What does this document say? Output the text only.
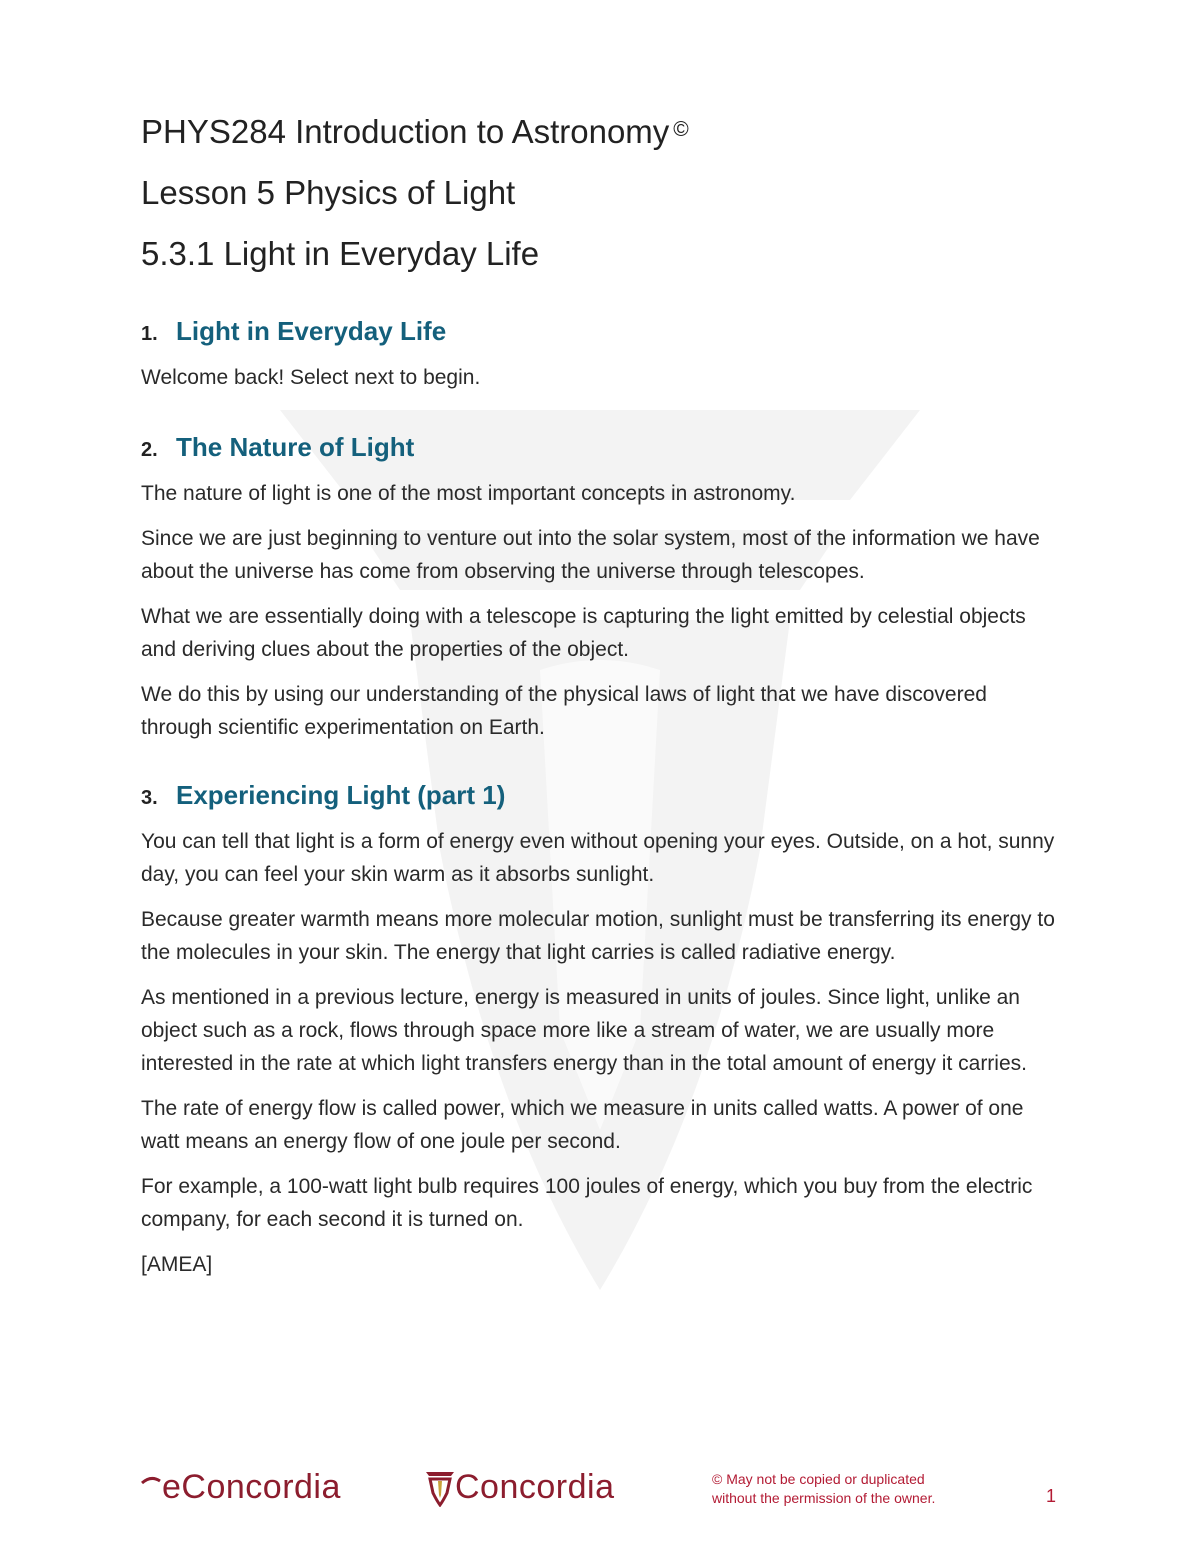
PHYS284 Introduction to Astronomy ©
Lesson 5 Physics of Light
5.3.1 Light in Everyday Life
1. Light in Everyday Life

Welcome back! Select next to begin.

2. The Nature of Light

The nature of light is one of the most important concepts in astronomy.

Since we are just beginning to venture out into the solar system, most of the information we have about the universe has come from observing the universe through telescopes.

What we are essentially doing with a telescope is capturing the light emitted by celestial objects and deriving clues about the properties of the object.

We do this by using our understanding of the physical laws of light that we have discovered through scientific experimentation on Earth.

3. Experiencing Light (part 1)

You can tell that light is a form of energy even without opening your eyes. Outside, on a hot, sunny day, you can feel your skin warm as it absorbs sunlight.

Because greater warmth means more molecular motion, sunlight must be transferring its energy to the molecules in your skin. The energy that light carries is called radiative energy.

As mentioned in a previous lecture, energy is measured in units of joules. Since light, unlike an object such as a rock, flows through space more like a stream of water, we are usually more interested in the rate at which light transfers energy than in the total amount of energy it carries.

The rate of energy flow is called power, which we measure in units called watts. A power of one watt means an energy flow of one joule per second.

For example, a 100-watt light bulb requires 100 joules of energy, which you buy from the electric company, for each second it is turned on.

[AMEA]

eConcordia	Concordia	© May not be copied or duplicated
without the permission of the owner.	1
